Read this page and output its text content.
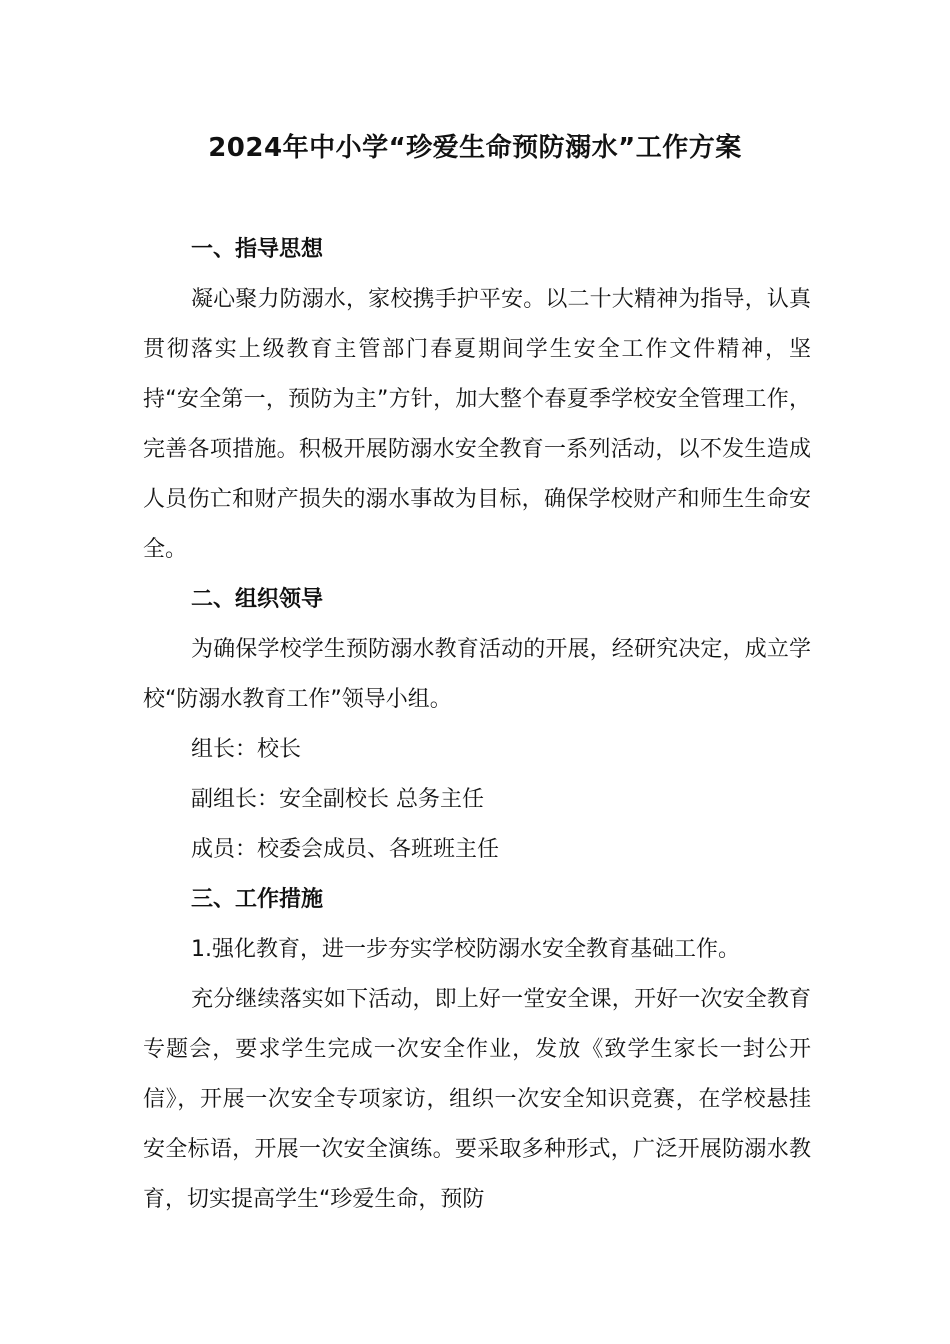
2024年中小学“珍爱生命预防溺水”工作方案

一、指导思想

凝心聚力防溺水，家校携手护平安。以二十大精神为指导，认真贯彻落实上级教育主管部门春夏期间学生安全工作文件精神，坚持“安全第一，预防为主”方针，加大整个春夏季学校安全管理工作，完善各项措施。积极开展防溺水安全教育一系列活动，以不发生造成人员伤亡和财产损失的溺水事故为目标，确保学校财产和师生生命安全。

二、组织领导

为确保学校学生预防溺水教育活动的开展，经研究决定，成立学校“防溺水教育工作”领导小组。

组长：校长

副组长：安全副校长 总务主任

成员：校委会成员、各班班主任

三、工作措施

1.强化教育，进一步夯实学校防溺水安全教育基础工作。

充分继续落实如下活动，即上好一堂安全课，开好一次安全教育专题会，要求学生完成一次安全作业，发放《致学生家长一封公开信》，开展一次安全专项家访，组织一次安全知识竞赛，在学校悬挂安全标语，开展一次安全演练。要采取多种形式，广泛开展防溺水教育，切实提高学生“珍爱生命，预防
